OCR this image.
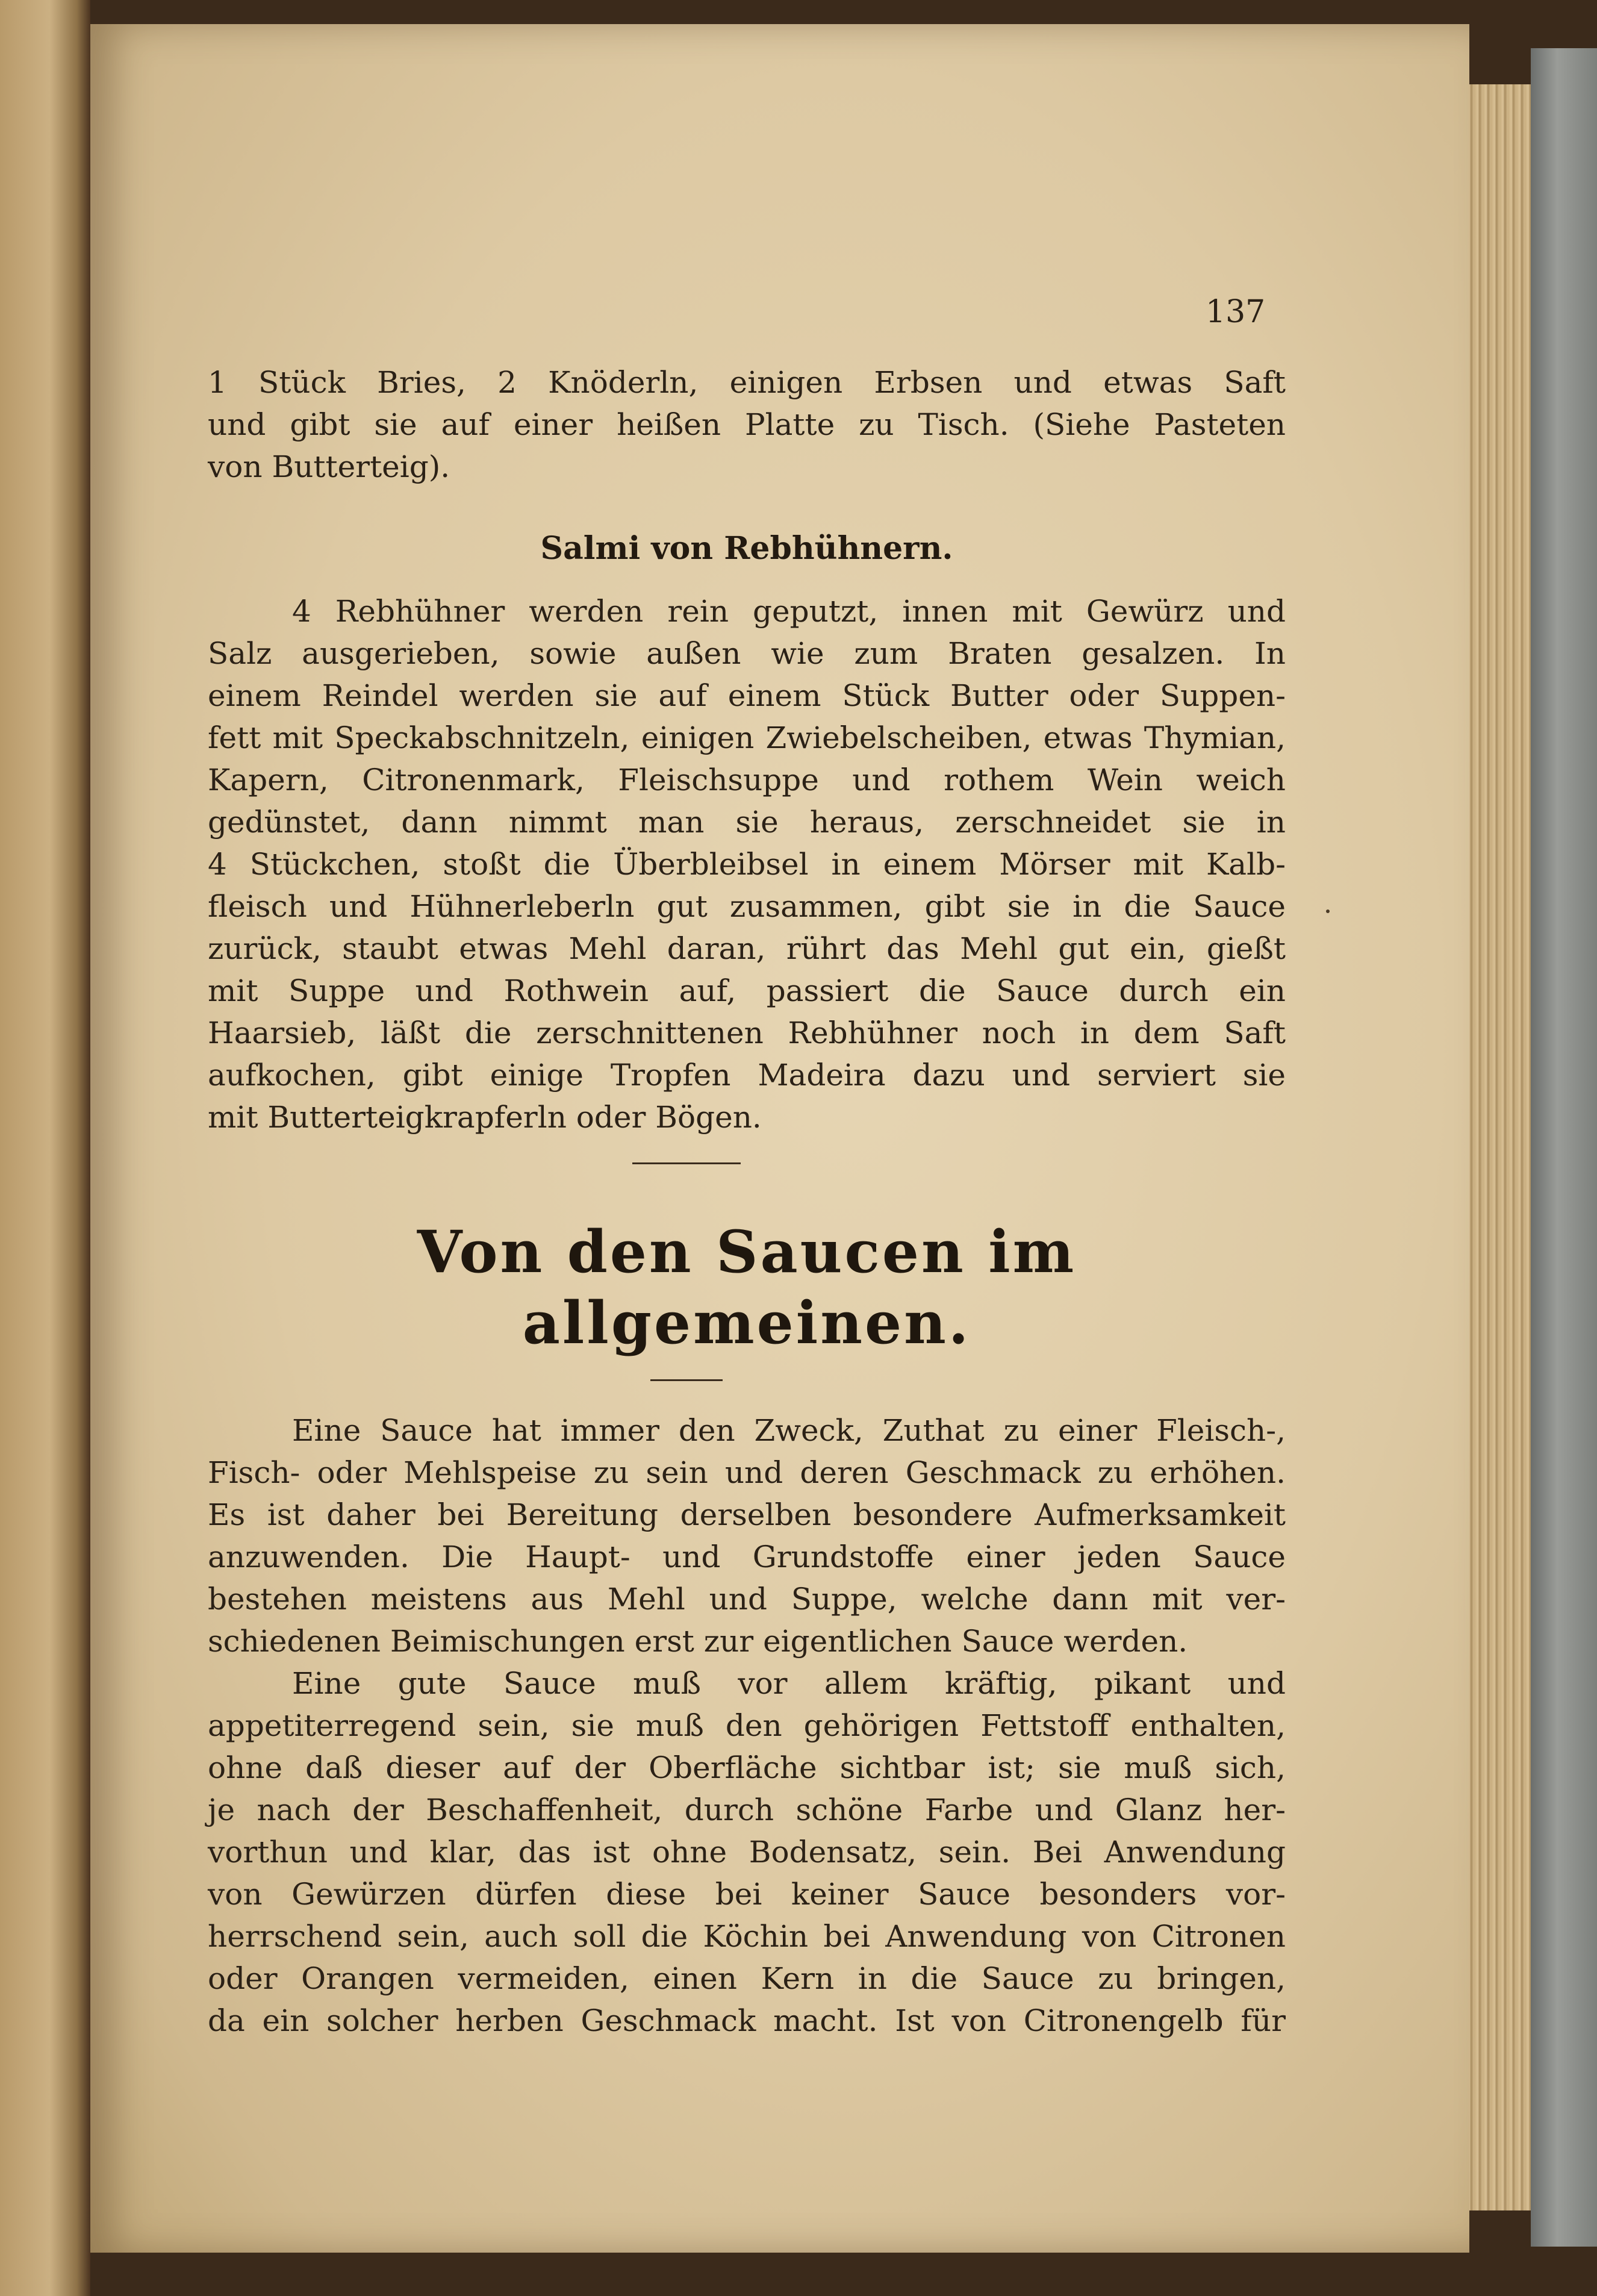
137
1 Stück Bries, 2 Knöderln, einigen Erbsen und etwas Saft
und gibt sie auf einer heißen Platte zu Tisch. (Siehe Pasteten
von Butterteig).
Salmi von Rebhühnern.
4 Rebhühner werden rein geputzt, innen mit Gewürz und
Salz ausgerieben, sowie außen wie zum Braten gesalzen. In
einem Reindel werden sie auf einem Stück Butter oder Suppen-
fett mit Speckabschnitzeln, einigen Zwiebelscheiben, etwas Thymian,
Kapern, Citronenmark, Fleischsuppe und rothem Wein weich
gedünstet, dann nimmt man sie heraus, zerschneidet sie in
4 Stückchen, stoßt die Überbleibsel in einem Mörser mit Kalb-
fleisch und Hühnerleberln gut zusammen, gibt sie in die Sauce
zurück, staubt etwas Mehl daran, rührt das Mehl gut ein, gießt
mit Suppe und Rothwein auf, passiert die Sauce durch ein
Haarsieb, läßt die zerschnittenen Rebhühner noch in dem Saft
aufkochen, gibt einige Tropfen Madeira dazu und serviert sie
mit Butterteigkrapferln oder Bögen.
Von den Saucen im
allgemeinen.
Eine Sauce hat immer den Zweck, Zuthat zu einer Fleisch-,
Fisch- oder Mehlspeise zu sein und deren Geschmack zu erhöhen.
Es ist daher bei Bereitung derselben besondere Aufmerksamkeit
anzuwenden. Die Haupt- und Grundstoffe einer jeden Sauce
bestehen meistens aus Mehl und Suppe, welche dann mit ver-
schiedenen Beimischungen erst zur eigentlichen Sauce werden.
Eine gute Sauce muß vor allem kräftig, pikant und
appetiterregend sein, sie muß den gehörigen Fettstoff enthalten,
ohne daß dieser auf der Oberfläche sichtbar ist; sie muß sich,
je nach der Beschaffenheit, durch schöne Farbe und Glanz her-
vorthun und klar, das ist ohne Bodensatz, sein. Bei Anwendung
von Gewürzen dürfen diese bei keiner Sauce besonders vor-
herrschend sein, auch soll die Köchin bei Anwendung von Citronen
oder Orangen vermeiden, einen Kern in die Sauce zu bringen,
da ein solcher herben Geschmack macht. Ist von Citronengelb für
